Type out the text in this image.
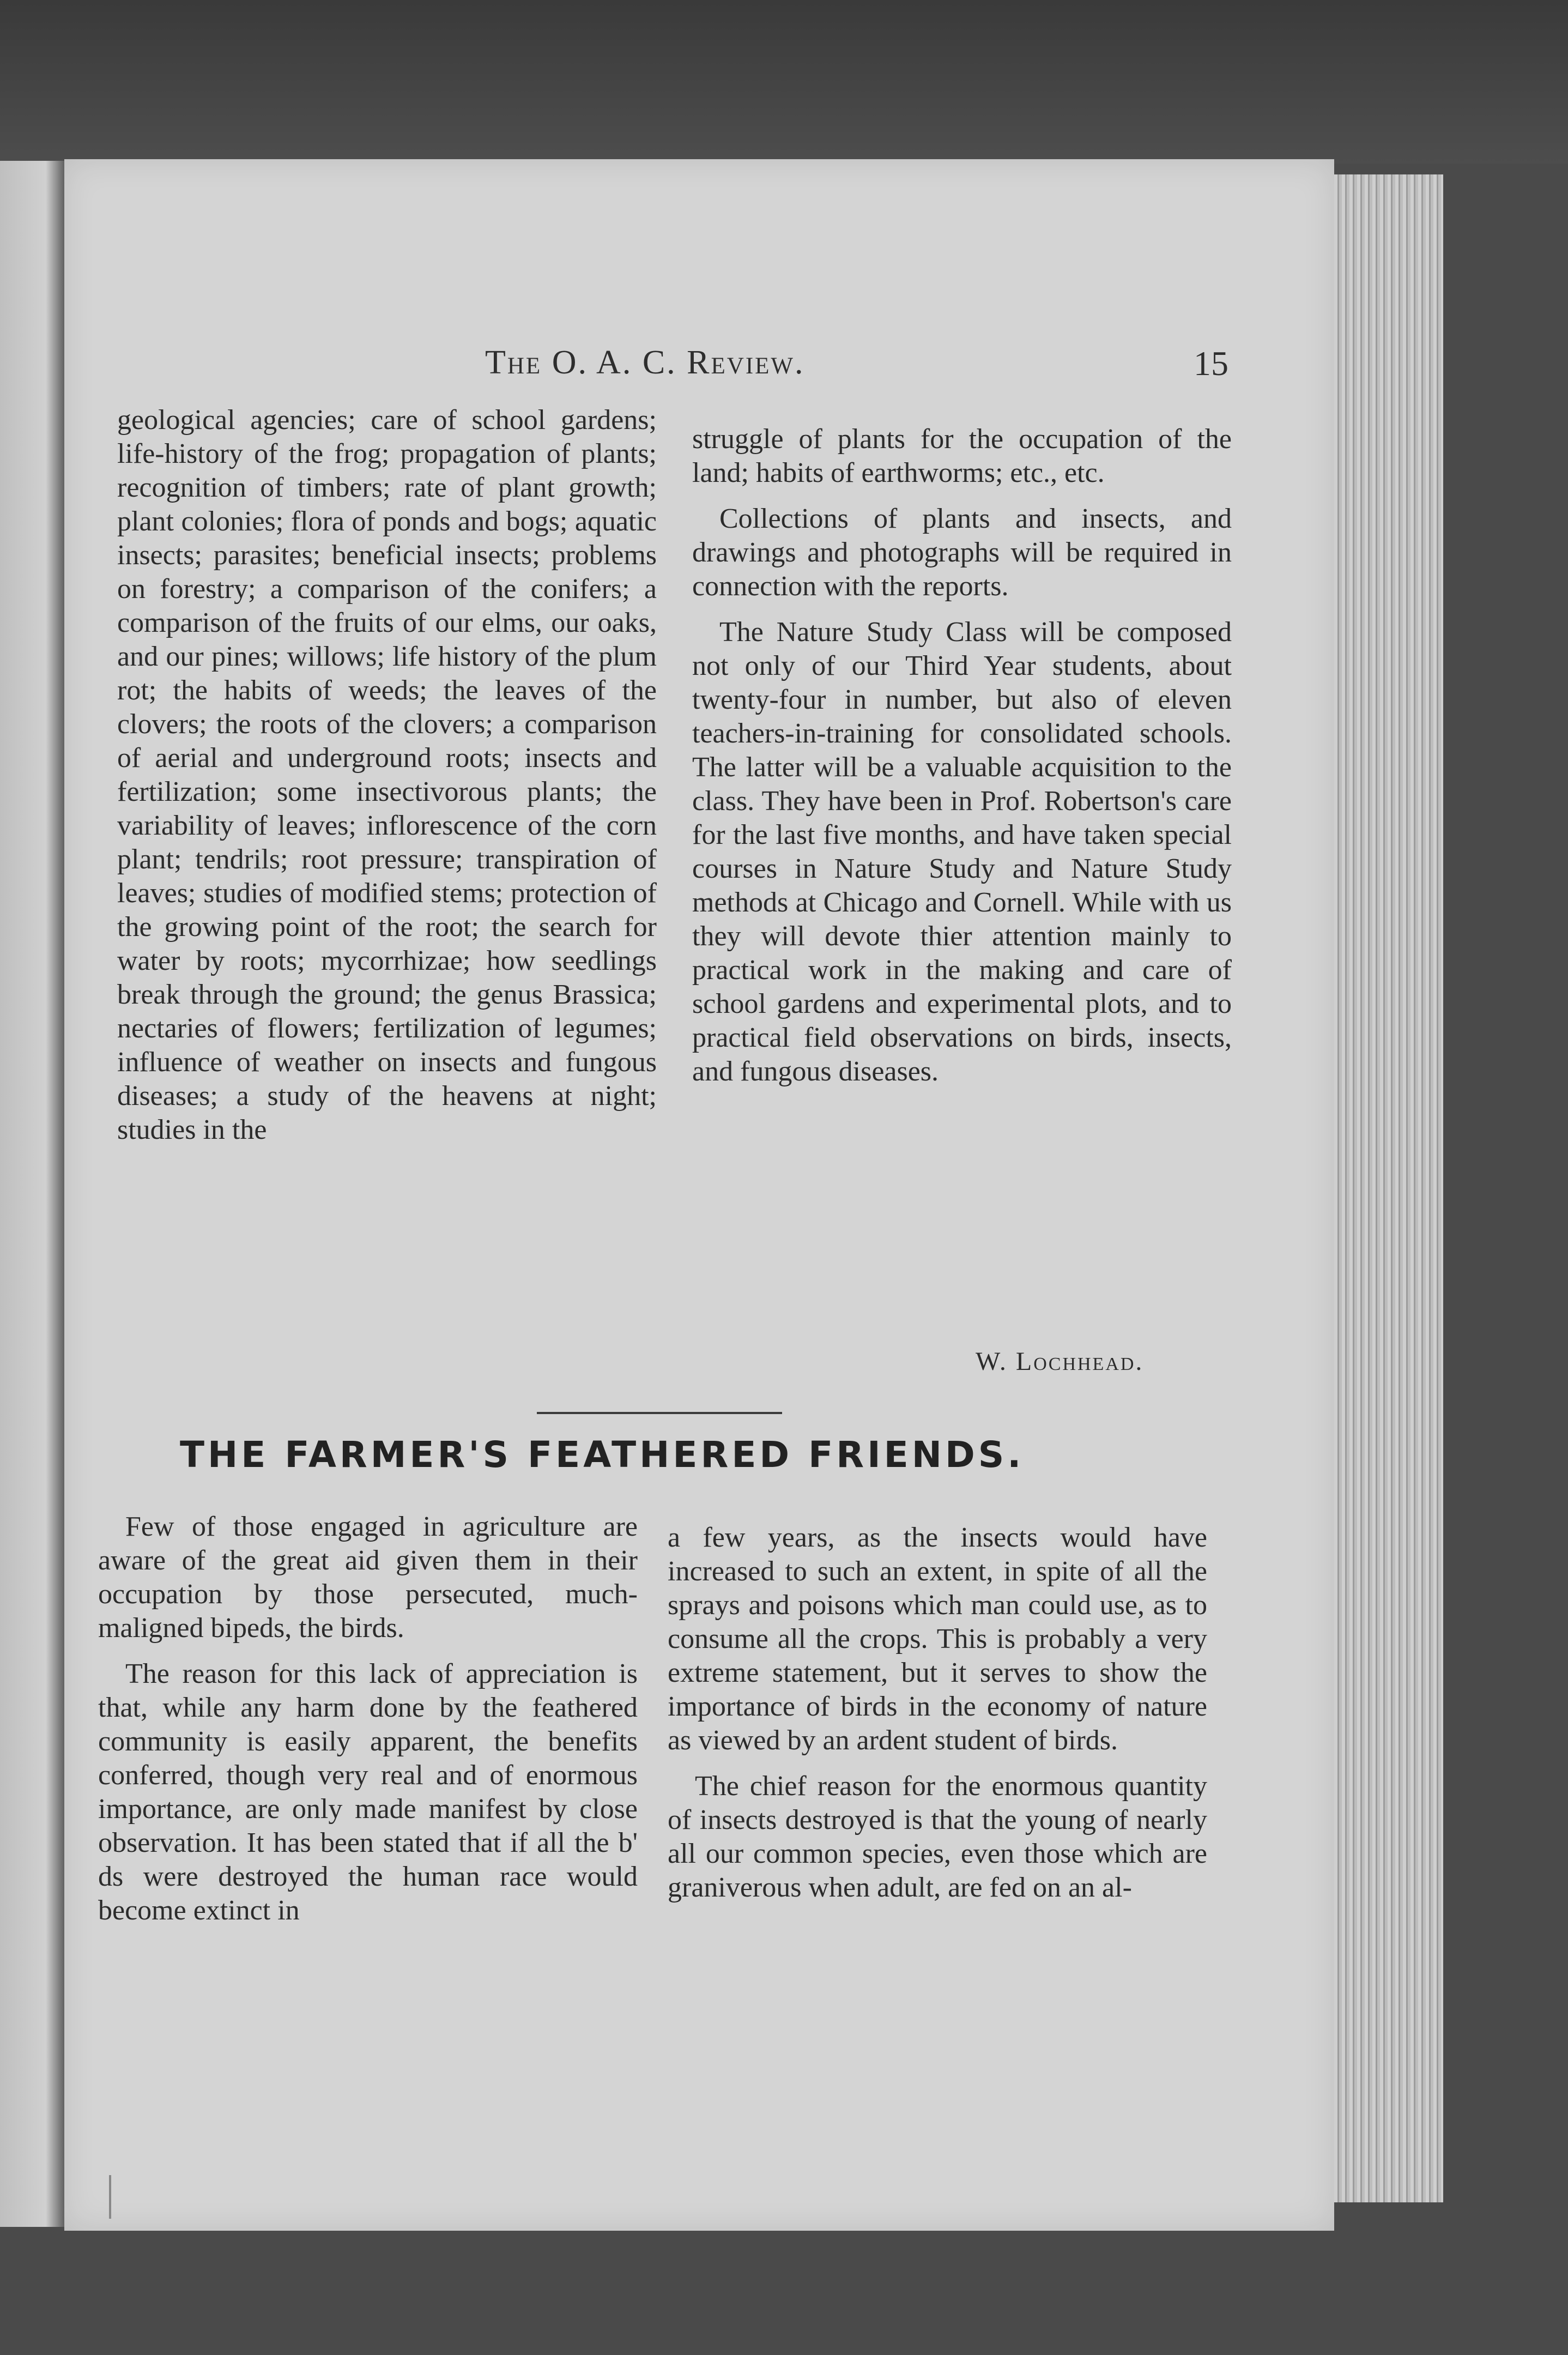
The O. A. C. Review.	15

geological agencies; care of school gardens; life-history of the frog; propagation of plants; recognition of timbers; rate of plant growth; plant colonies; flora of ponds and bogs; aquatic insects; parasites; beneficial insects; problems on forestry; a comparison of the conifers; a comparison of the fruits of our elms, our oaks, and our pines; willows; life history of the plum rot; the habits of weeds; the leaves of the clovers; the roots of the clovers; a comparison of aerial and underground roots; insects and fertilization; some insectivorous plants; the variability of leaves; inflorescence of the corn plant; tendrils; root pressure; transpiration of leaves; studies of modified stems; protection of the growing point of the root; the search for water by roots; mycorrhizae; how seedlings break through the ground; the genus Brassica; nectaries of flowers; fertilization of legumes; influence of weather on insects and fungous diseases; a study of the heavens at night; studies in the

struggle of plants for the occupation of the land; habits of earthworms; etc., etc.

Collections of plants and insects, and drawings and photographs will be required in connection with the reports.

The Nature Study Class will be composed not only of our Third Year students, about twenty-four in number, but also of eleven teachers-in-training for consolidated schools. The latter will be a valuable acquisition to the class. They have been in Prof. Robertson's care for the last five months, and have taken special courses in Nature Study and Nature Study methods at Chicago and Cornell. While with us they will devote thier attention mainly to practical work in the making and care of school gardens and experimental plots, and to practical field observations on birds, insects, and fungous diseases.

W. Lochhead.
THE FARMER'S FEATHERED FRIENDS.

Few of those engaged in agriculture are aware of the great aid given them in their occupation by those persecuted, much-maligned bipeds, the birds.

The reason for this lack of appreciation is that, while any harm done by the feathered community is easily apparent, the benefits conferred, though very real and of enormous importance, are only made manifest by close observation. It has been stated that if all the b' ds were destroyed the human race would become extinct in

a few years, as the insects would have increased to such an extent, in spite of all the sprays and poisons which man could use, as to consume all the crops. This is probably a very extreme statement, but it serves to show the importance of birds in the economy of nature as viewed by an ardent student of birds.

The chief reason for the enormous quantity of insects destroyed is that the young of nearly all our common species, even those which are graniverous when adult, are fed on an al-
